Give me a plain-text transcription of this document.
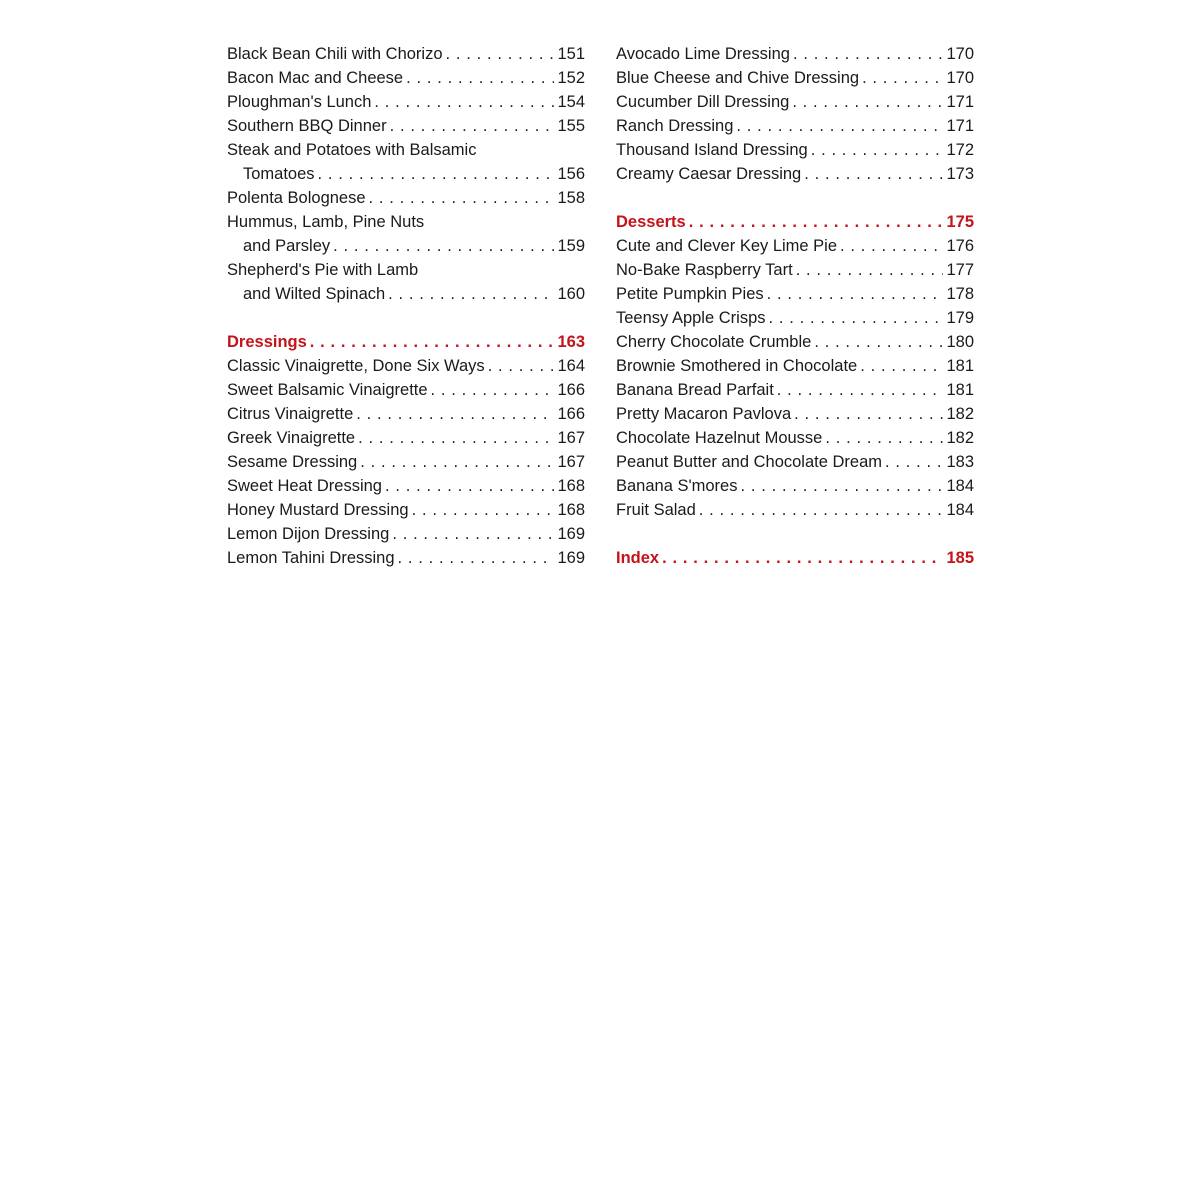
Black Bean Chili with Chorizo . . .	151
Bacon Mac and Cheese . . .	152
Ploughman's Lunch . . .	154
Southern BBQ Dinner . . .	155
Steak and Potatoes with Balsamic
Tomatoes . . .	156
Polenta Bolognese . . .	158
Hummus, Lamb, Pine Nuts
and Parsley . . .	159
Shepherd's Pie with Lamb
and Wilted Spinach . . .	160
Dressings . . .	163
Classic Vinaigrette, Done Six Ways . . .	164
Sweet Balsamic Vinaigrette . . .	166
Citrus Vinaigrette . . .	166
Greek Vinaigrette . . .	167
Sesame Dressing . . .	167
Sweet Heat Dressing . . .	168
Honey Mustard Dressing . . .	168
Lemon Dijon Dressing . . .	169
Lemon Tahini Dressing . . .	169
Avocado Lime Dressing . . .	170
Blue Cheese and Chive Dressing . . .	170
Cucumber Dill Dressing . . .	171
Ranch Dressing . . .	171
Thousand Island Dressing . . .	172
Creamy Caesar Dressing . . .	173
Desserts . . .	175
Cute and Clever Key Lime Pie . . .	176
No-Bake Raspberry Tart . . .	177
Petite Pumpkin Pies . . .	178
Teensy Apple Crisps . . .	179
Cherry Chocolate Crumble . . .	180
Brownie Smothered in Chocolate . . .	181
Banana Bread Parfait . . .	181
Pretty Macaron Pavlova . . .	182
Chocolate Hazelnut Mousse . . .	182
Peanut Butter and Chocolate Dream . . .	183
Banana S'mores . . .	184
Fruit Salad . . .	184
Index . . .	185
